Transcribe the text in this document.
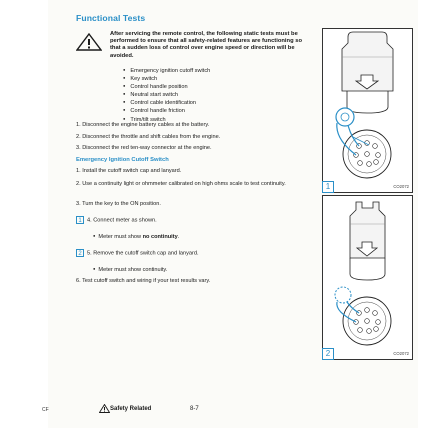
Functional Tests
After servicing the remote control, the following static tests must be performed to ensure that all safety-related features are functioning so that a sudden loss of control over engine speed or direction will be avoided.
● Emergency ignition cutoff switch
● Key switch
● Control handle position
● Neutral start switch
● Control cable identification
● Control handle friction
● Trim/tilt switch
1. Disconnect the engine battery cables at the battery.
2. Disconnect the throttle and shift cables from the engine.
3. Disconnect the red ten-way connector at the engine.
Emergency Ignition Cutoff Switch
1. Install the cutoff switch cap and lanyard.
2. Use a continuity light or ohmmeter calibrated on high ohms scale to test continuity.
3. Turn the key to the ON position.
1 4. Connect meter as shown.
● Meter must show no continuity.
2 5. Remove the cutoff switch cap and lanyard.
● Meter must show continuity.
6. Test cutoff switch and wiring if your test results vary.
1	CO2072
2	CO2072
CF	Safety Related	8-7
